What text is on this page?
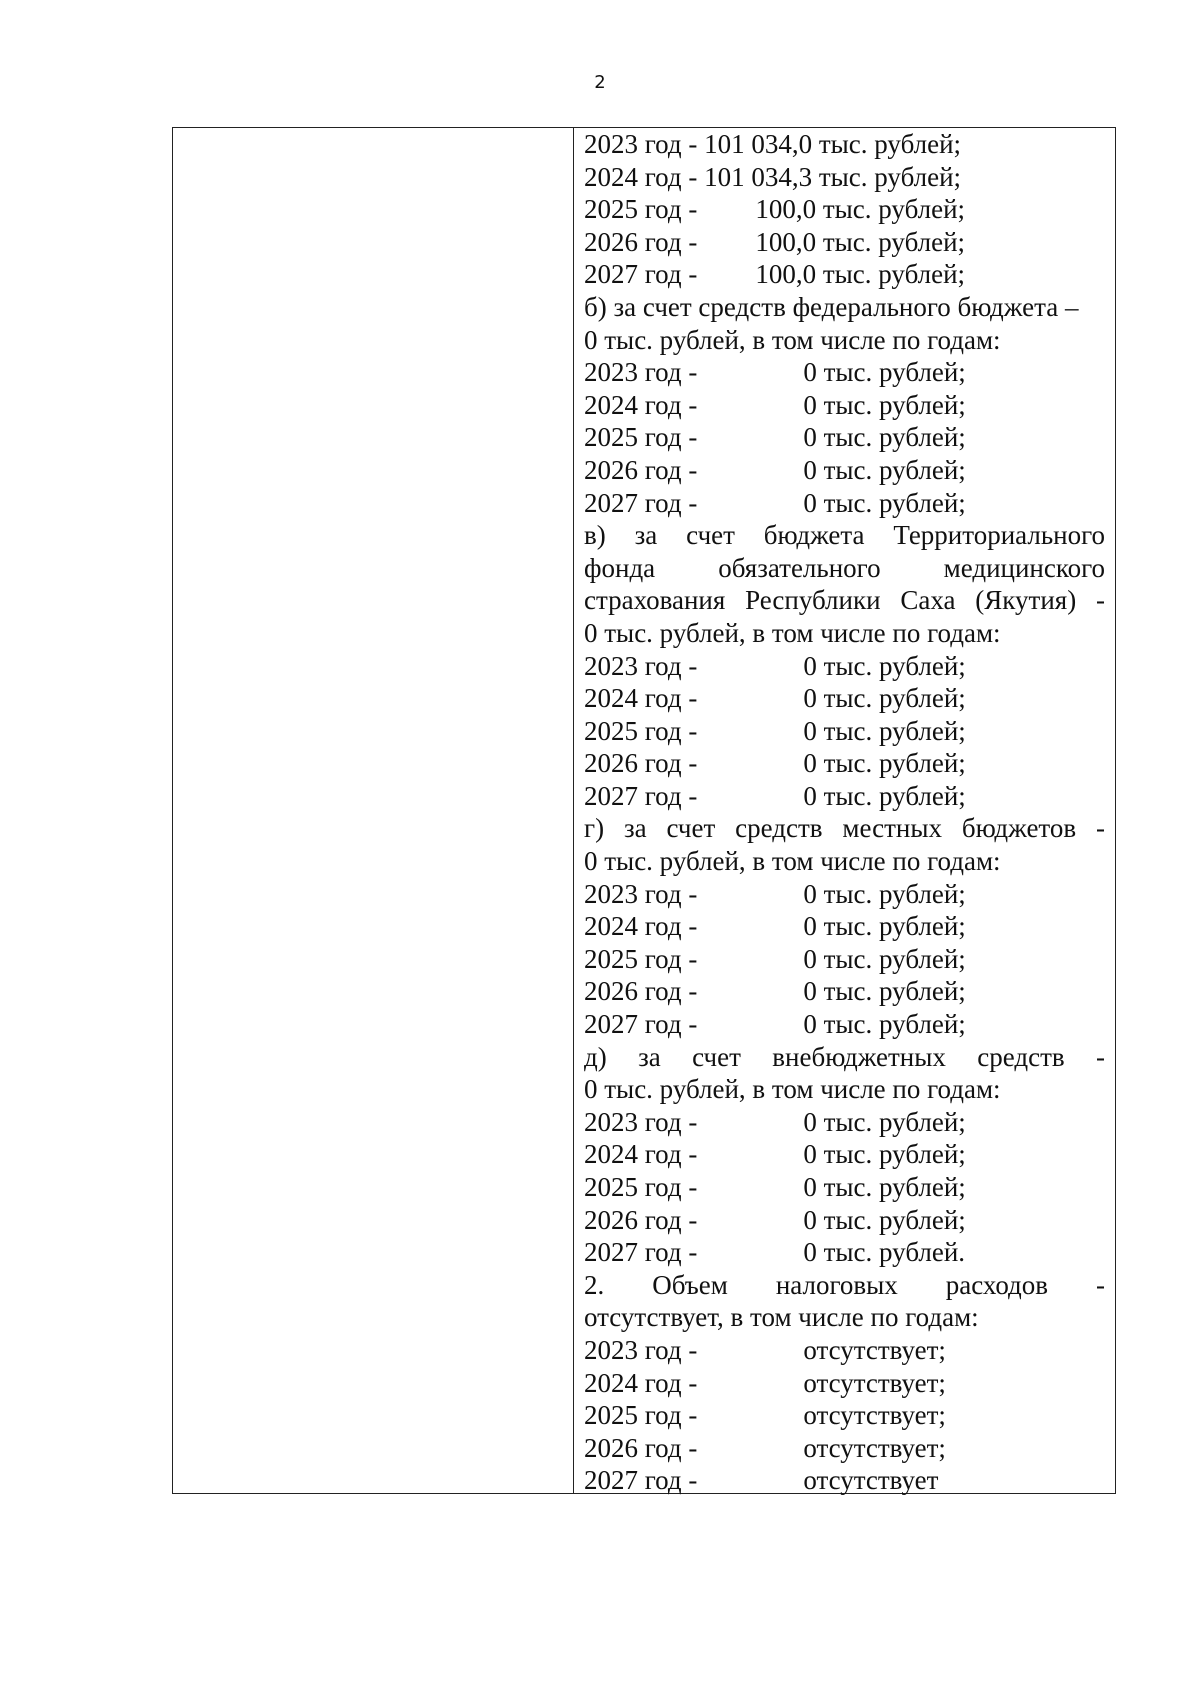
2
2023 год - 101 034,0 тыс. рублей;
2024 год - 101 034,3 тыс. рублей;
2025 год - 100,0 тыс. рублей;
2026 год - 100,0 тыс. рублей;
2027 год - 100,0 тыс. рублей;
б) за счет средств федерального бюджета –
0 тыс. рублей, в том числе по годам:
2023 год -	0 тыс. рублей;
2024 год -	0 тыс. рублей;
2025 год -	0 тыс. рублей;
2026 год -	0 тыс. рублей;
2027 год -	0 тыс. рублей;
в) за счет бюджета Территориального
фонда обязательного медицинского
страхования Республики Саха (Якутия) -
0 тыс. рублей, в том числе по годам:
2023 год -	0 тыс. рублей;
2024 год -	0 тыс. рублей;
2025 год -	0 тыс. рублей;
2026 год -	0 тыс. рублей;
2027 год -	0 тыс. рублей;
г) за счет средств местных бюджетов -
0 тыс. рублей, в том числе по годам:
2023 год -	0 тыс. рублей;
2024 год -	0 тыс. рублей;
2025 год -	0 тыс. рублей;
2026 год -	0 тыс. рублей;
2027 год -	0 тыс. рублей;
д) за счет внебюджетных средств -
0 тыс. рублей, в том числе по годам:
2023 год -	0 тыс. рублей;
2024 год -	0 тыс. рублей;
2025 год -	0 тыс. рублей;
2026 год -	0 тыс. рублей;
2027 год -	0 тыс. рублей.
2. Объем налоговых расходов -
отсутствует, в том числе по годам:
2023 год -	отсутствует;
2024 год -	отсутствует;
2025 год -	отсутствует;
2026 год -	отсутствует;
2027 год -	отсутствует
